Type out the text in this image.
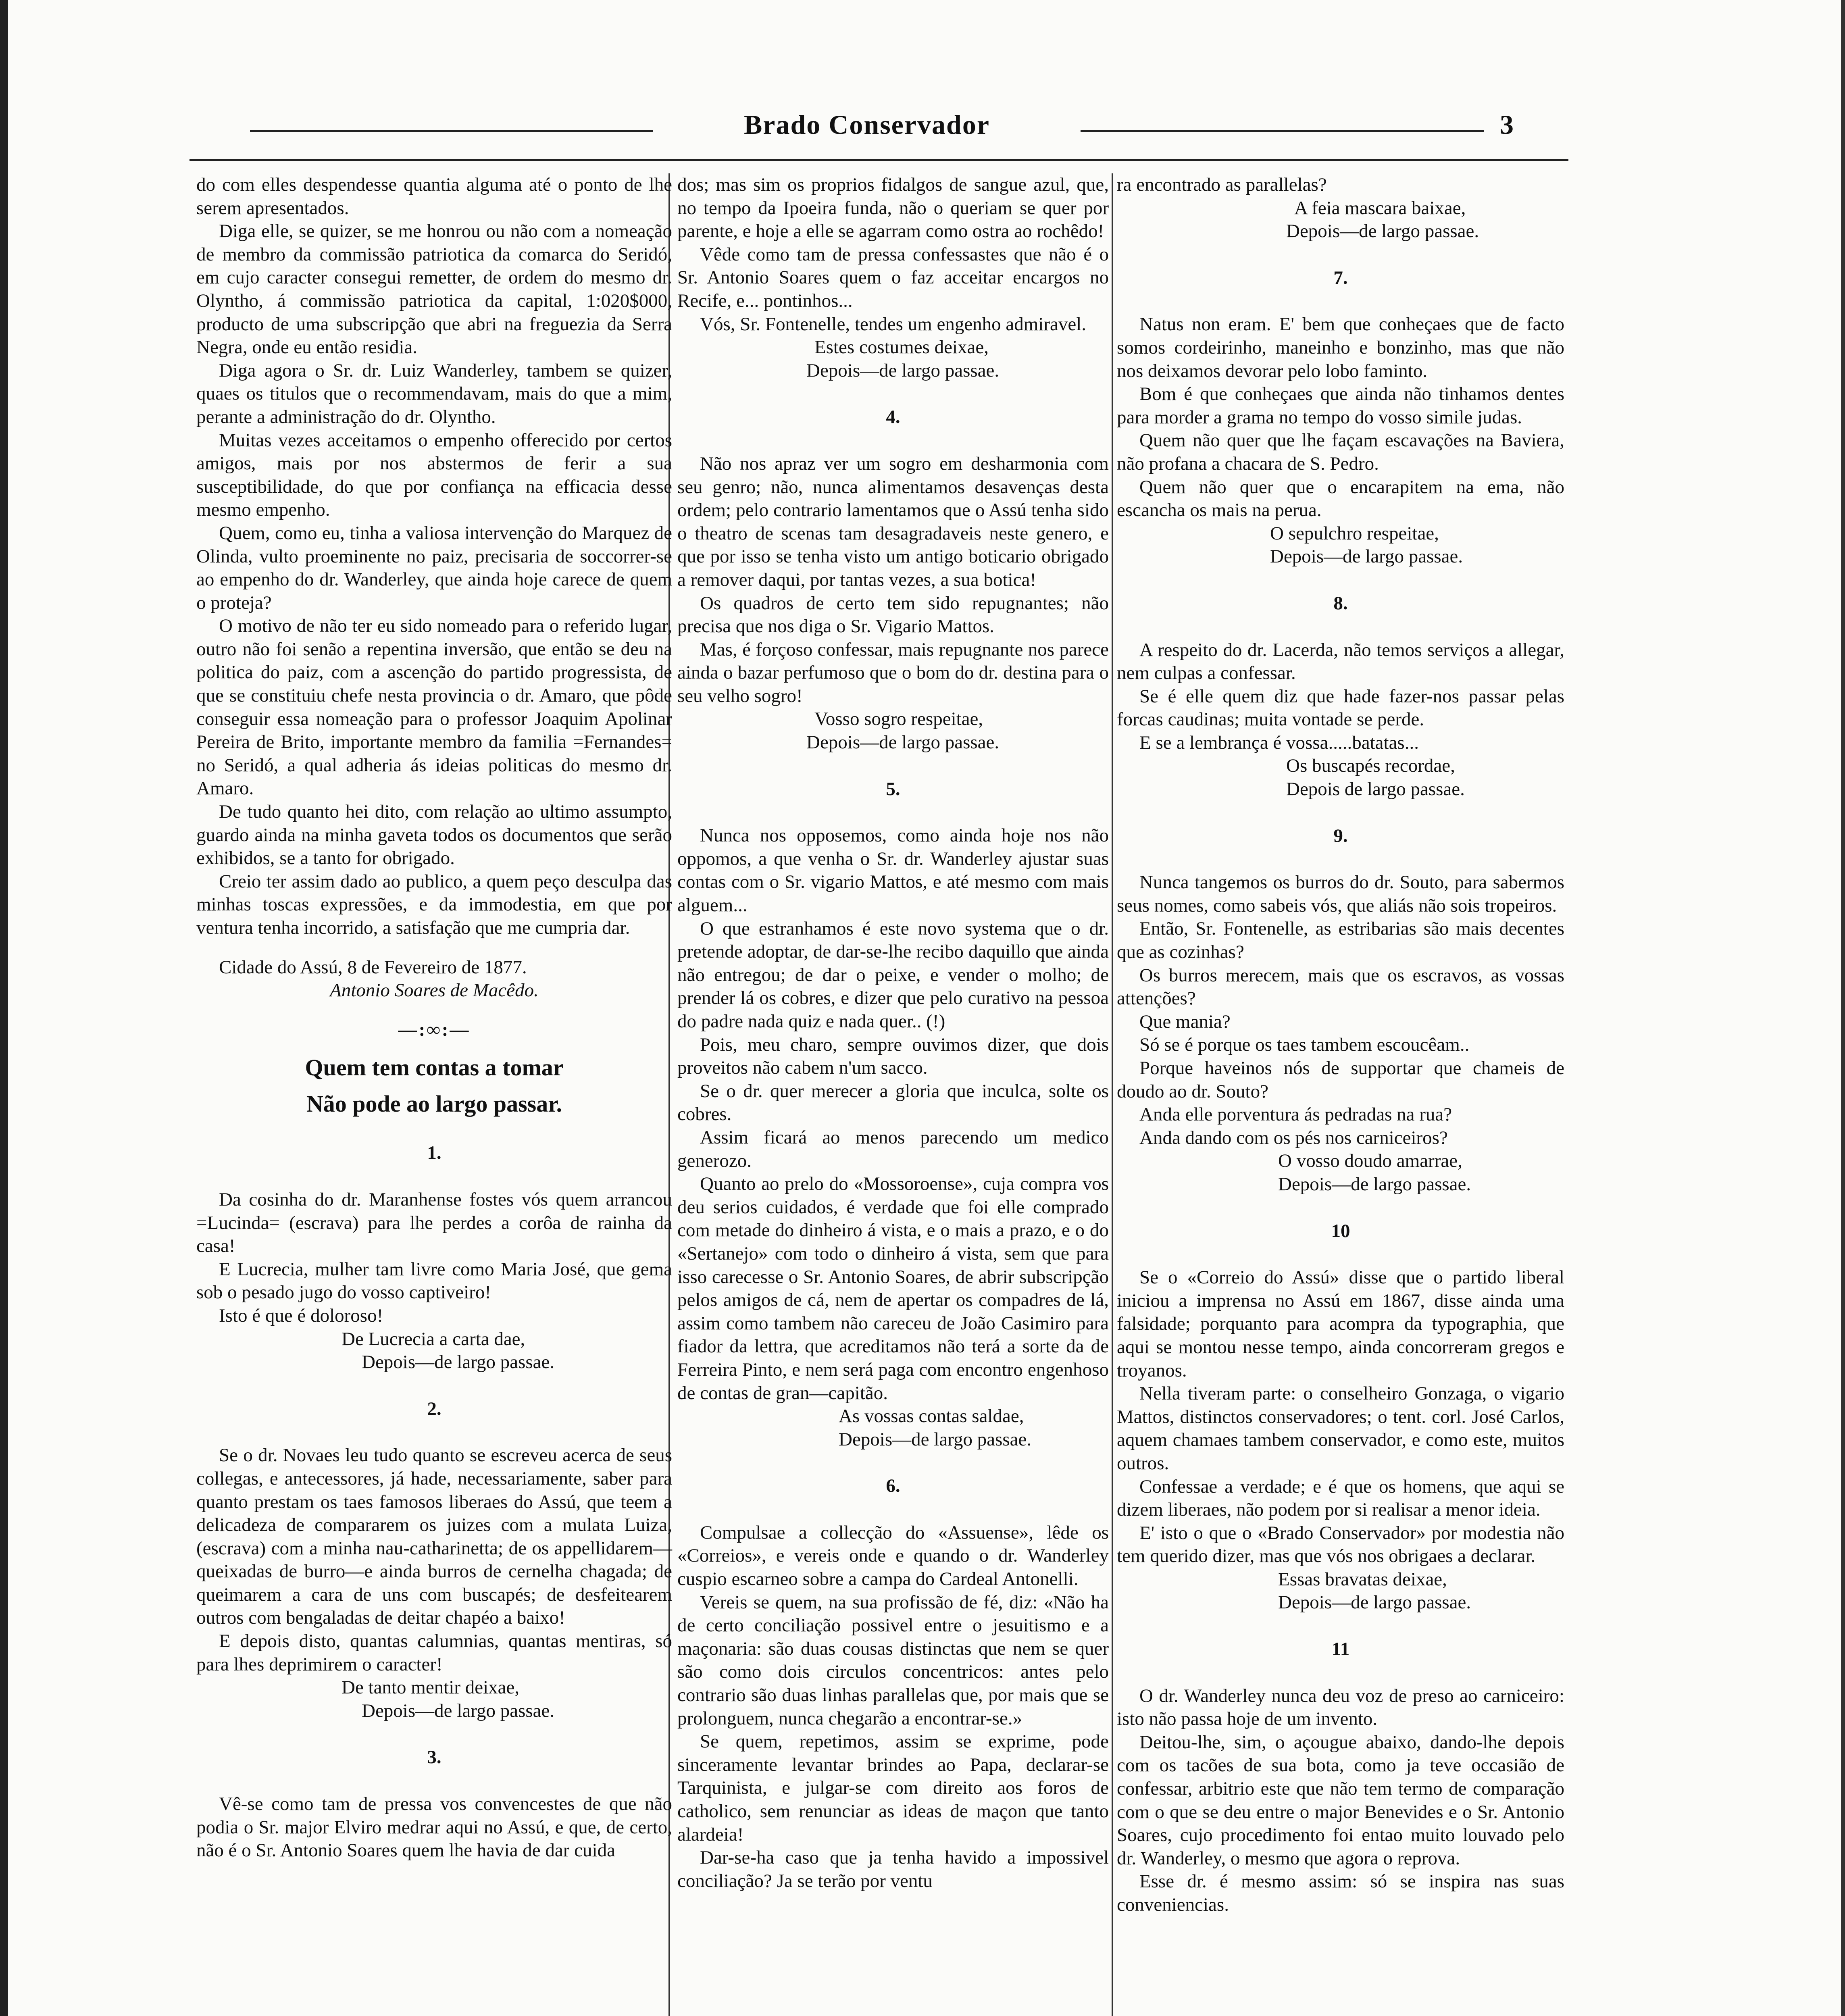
Brado Conservador	3

do com elles despendesse quantia alguma até o ponto de lhe serem apresentados.

Diga elle, se quizer, se me honrou ou não com a nomeação de membro da commissão patriotica da comarca do Seridó, em cujo caracter consegui remetter, de ordem do mesmo dr. Olyntho, á commissão patriotica da capital, 1:020$000, producto de uma subscripção que abri na freguezia da Serra Negra, onde eu então residia.

Diga agora o Sr. dr. Luiz Wanderley, tambem se quizer, quaes os titulos que o recommendavam, mais do que a mim, perante a administração do dr. Olyntho.

Muitas vezes acceitamos o empenho offerecido por certos amigos, mais por nos abstermos de ferir a sua susceptibilidade, do que por confiança na efficacia desse mesmo empenho.

Quem, como eu, tinha a valiosa intervenção do Marquez de Olinda, vulto proeminente no paiz, precisaria de soccorrer-se ao empenho do dr. Wanderley, que ainda hoje carece de quem o proteja?

O motivo de não ter eu sido nomeado para o referido lugar, outro não foi senão a repentina inversão, que então se deu na politica do paiz, com a ascenção do partido progressista, de que se constituiu chefe nesta provincia o dr. Amaro, que pôde conseguir essa nomeação para o professor Joaquim Apolinar Pereira de Brito, importante membro da familia =Fernandes= no Seridó, a qual adheria ás ideias politicas do mesmo dr. Amaro.

De tudo quanto hei dito, com relação ao ultimo assumpto, guardo ainda na minha gaveta todos os documentos que serão exhibidos, se a tanto for obrigado.

Creio ter assim dado ao publico, a quem peço desculpa das minhas toscas expressões, e da immodestia, em que por ventura tenha incorrido, a satisfação que me cumpria dar.

Cidade do Assú, 8 de Fevereiro de 1877.

Antonio Soares de Macêdo.

—:∞:—

Quem tem contas a tomar

Não pode ao largo passar.

1.

Da cosinha do dr. Maranhense fostes vós quem arrancou =Lucinda= (escrava) para lhe perdes a corôa de rainha da casa!

E Lucrecia, mulher tam livre como Maria José, que gema sob o pesado jugo do vosso captiveiro!

Isto é que é doloroso!

De Lucrecia a carta dae,

Depois—de largo passae.

2.

Se o dr. Novaes leu tudo quanto se escreveu acerca de seus collegas, e antecessores, já hade, necessariamente, saber para quanto prestam os taes famosos liberaes do Assú, que teem a delicadeza de compararem os juizes com a mulata Luiza, (escrava) com a minha nau-catharinetta; de os appellidarem—queixadas de burro—e ainda burros de cernelha chagada; de queimarem a cara de uns com buscapés; de desfeitearem outros com bengaladas de deitar chapéo a baixo!

E depois disto, quantas calumnias, quantas mentiras, só para lhes deprimirem o caracter!

De tanto mentir deixae,

Depois—de largo passae.

3.

Vê-se como tam de pressa vos convencestes de que não podia o Sr. major Elviro medrar aqui no Assú, e que, de certo, não é o Sr. Antonio Soares quem lhe havia de dar cuida

dos; mas sim os proprios fidalgos de sangue azul, que, no tempo da Ipoeira funda, não o queriam se quer por parente, e hoje a elle se agarram como ostra ao rochêdo!

Vêde como tam de pressa confessastes que não é o Sr. Antonio Soares quem o faz acceitar encargos no Recife, e... pontinhos...

Vós, Sr. Fontenelle, tendes um engenho admiravel.

Estes costumes deixae,

Depois—de largo passae.

4.

Não nos apraz ver um sogro em desharmonia com seu genro; não, nunca alimentamos desavenças desta ordem; pelo contrario lamentamos que o Assú tenha sido o theatro de scenas tam desagradaveis neste genero, e que por isso se tenha visto um antigo boticario obrigado a remover daqui, por tantas vezes, a sua botica!

Os quadros de certo tem sido repugnantes; não precisa que nos diga o Sr. Vigario Mattos.

Mas, é forçoso confessar, mais repugnante nos parece ainda o bazar perfumoso que o bom do dr. destina para o seu velho sogro!

Vosso sogro respeitae,

Depois—de largo passae.

5.

Nunca nos opposemos, como ainda hoje nos não oppomos, a que venha o Sr. dr. Wanderley ajustar suas contas com o Sr. vigario Mattos, e até mesmo com mais alguem...

O que estranhamos é este novo systema que o dr. pretende adoptar, de dar-se-lhe recibo daquillo que ainda não entregou; de dar o peixe, e vender o molho; de prender lá os cobres, e dizer que pelo curativo na pessoa do padre nada quiz e nada quer.. (!)

Pois, meu charo, sempre ouvimos dizer, que dois proveitos não cabem n'um sacco.

Se o dr. quer merecer a gloria que inculca, solte os cobres.

Assim ficará ao menos parecendo um medico generozo.

Quanto ao prelo do «Mossoroense», cuja compra vos deu serios cuidados, é verdade que foi elle comprado com metade do dinheiro á vista, e o mais a prazo, e o do «Sertanejo» com todo o dinheiro á vista, sem que para isso carecesse o Sr. Antonio Soares, de abrir subscripção pelos amigos de cá, nem de apertar os compadres de lá, assim como tambem não careceu de João Casimiro para fiador da lettra, que acreditamos não terá a sorte da de Ferreira Pinto, e nem será paga com encontro engenhoso de contas de gran—capitão.

As vossas contas saldae,

Depois—de largo passae.

6.

Compulsae a collecção do «Assuense», lêde os «Correios», e vereis onde e quando o dr. Wanderley cuspio escarneo sobre a campa do Cardeal Antonelli.

Vereis se quem, na sua profissão de fé, diz: «Não ha de certo conciliação possivel entre o jesuitismo e a maçonaria: são duas cousas distinctas que nem se quer são como dois circulos concentricos: antes pelo contrario são duas linhas parallelas que, por mais que se prolonguem, nunca chegarão a encontrar-se.»

Se quem, repetimos, assim se exprime, pode sinceramente levantar brindes ao Papa, declarar-se Tarquinista, e julgar-se com direito aos foros de catholico, sem renunciar as ideas de maçon que tanto alardeia!

Dar-se-ha caso que ja tenha havido a impossivel conciliação? Ja se terão por ventu

ra encontrado as parallelas?

A feia mascara baixae,

Depois—de largo passae.

7.

Natus non eram. E' bem que conheçaes que de facto somos cordeirinho, maneinho e bonzinho, mas que não nos deixamos devorar pelo lobo faminto.

Bom é que conheçaes que ainda não tinhamos dentes para morder a grama no tempo do vosso simile judas.

Quem não quer que lhe façam escavações na Baviera, não profana a chacara de S. Pedro.

Quem não quer que o encarapitem na ema, não escancha os mais na perua.

O sepulchro respeitae,

Depois—de largo passae.

8.

A respeito do dr. Lacerda, não temos serviços a allegar, nem culpas a confessar.

Se é elle quem diz que hade fazer-nos passar pelas forcas caudinas; muita vontade se perde.

E se a lembrança é vossa.....batatas...

Os buscapés recordae,

Depois de largo passae.

9.

Nunca tangemos os burros do dr. Souto, para sabermos seus nomes, como sabeis vós, que aliás não sois tropeiros.

Então, Sr. Fontenelle, as estribarias são mais decentes que as cozinhas?

Os burros merecem, mais que os escravos, as vossas attenções?

Que mania?

Só se é porque os taes tambem escoucêam..

Porque haveinos nós de supportar que chameis de doudo ao dr. Souto?

Anda elle porventura ás pedradas na rua?

Anda dando com os pés nos carniceiros?

O vosso doudo amarrae,

Depois—de largo passae.

10

Se o «Correio do Assú» disse que o partido liberal iniciou a imprensa no Assú em 1867, disse ainda uma falsidade; porquanto para acompra da typographia, que aqui se montou nesse tempo, ainda concorreram gregos e troyanos.

Nella tiveram parte: o conselheiro Gonzaga, o vigario Mattos, distinctos conservadores; o tent. corl. José Carlos, aquem chamaes tambem conservador, e como este, muitos outros.

Confessae a verdade; e é que os homens, que aqui se dizem liberaes, não podem por si realisar a menor ideia.

E' isto o que o «Brado Conservador» por modestia não tem querido dizer, mas que vós nos obrigaes a declarar.

Essas bravatas deixae,

Depois—de largo passae.

11

O dr. Wanderley nunca deu voz de preso ao carniceiro: isto não passa hoje de um invento.

Deitou-lhe, sim, o açougue abaixo, dando-lhe depois com os tacões de sua bota, como ja teve occasião de confessar, arbitrio este que não tem termo de comparação com o que se deu entre o major Benevides e o Sr. Antonio Soares, cujo procedimento foi entao muito louvado pelo dr. Wanderley, o mesmo que agora o reprova.

Esse dr. é mesmo assim: só se inspira nas suas conveniencias.
